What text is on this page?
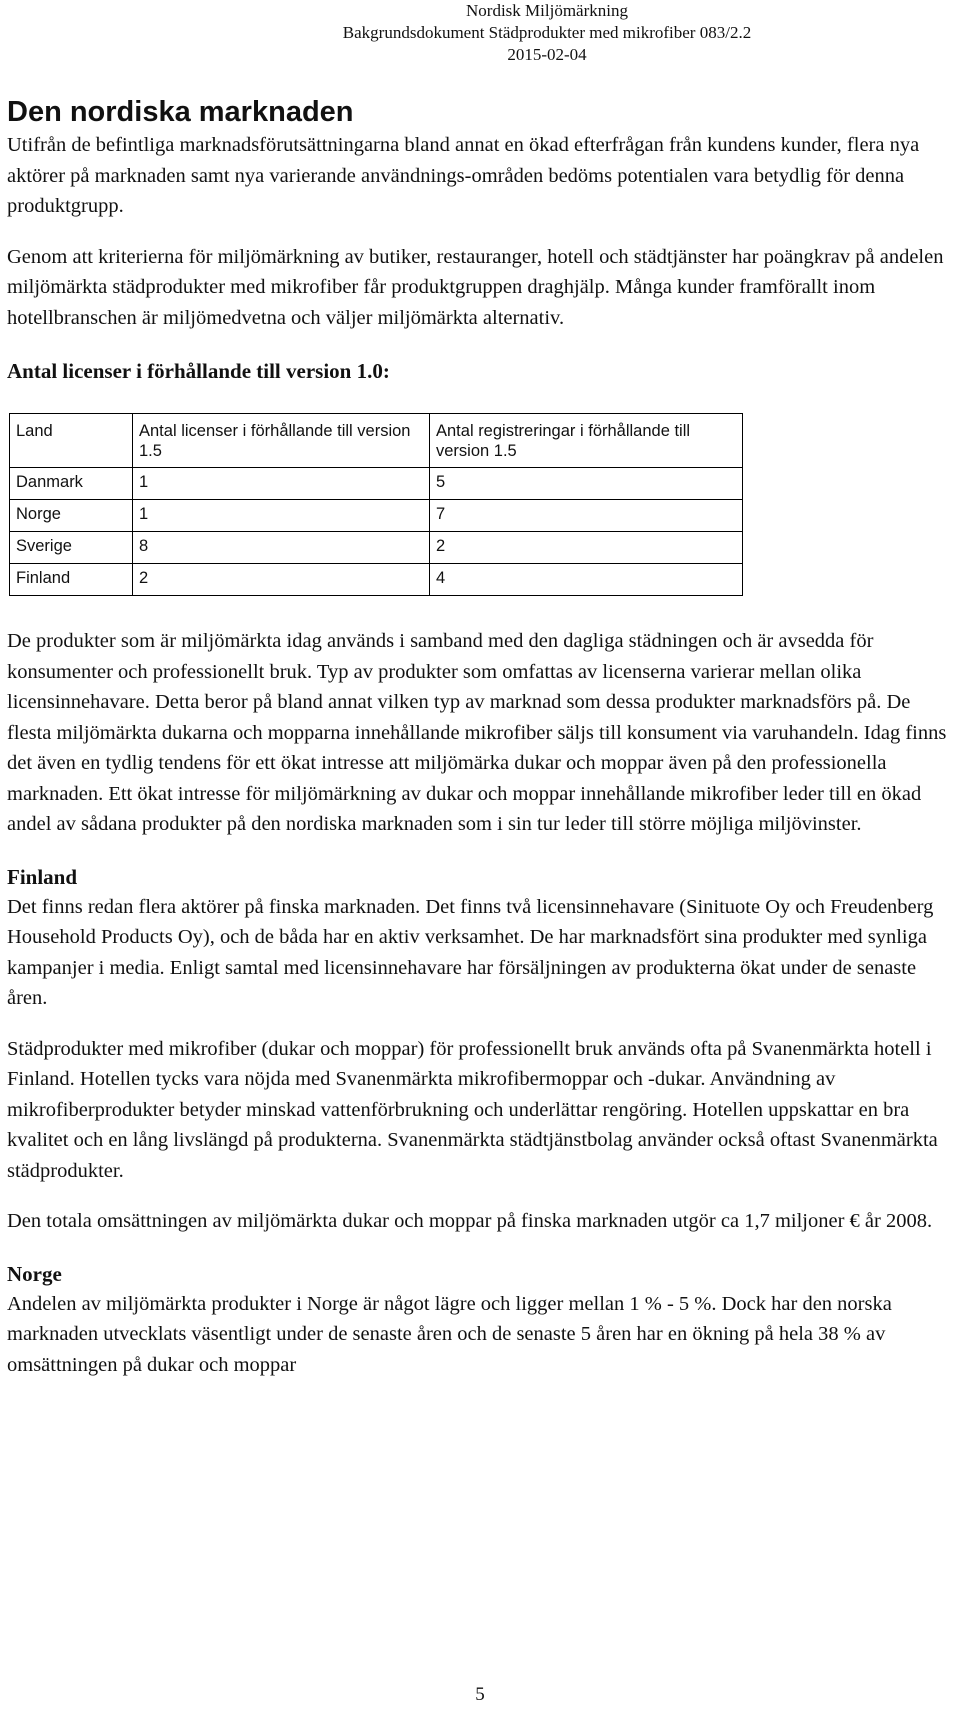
Nordisk Miljömärkning
Bakgrundsdokument Städprodukter med mikrofiber 083/2.2
2015-02-04
Den nordiska marknaden

Utifrån de befintliga marknadsförutsättningarna bland annat en ökad efterfrågan från kundens kunder, flera nya aktörer på marknaden samt nya varierande användnings-områden bedöms potentialen vara betydlig för denna produktgrupp.

Genom att kriterierna för miljömärkning av butiker, restauranger, hotell och städtjänster har poängkrav på andelen miljömärkta städprodukter med mikrofiber får produktgruppen draghjälp. Många kunder framförallt inom hotellbranschen är miljömedvetna och väljer miljömärkta alternativ.

Antal licenser i förhållande till version 1.0:
Land	Antal licenser i förhållande till version 1.5	Antal registreringar i förhållande till version 1.5
Danmark	1	5
Norge	1	7
Sverige	8	2
Finland	2	4

De produkter som är miljömärkta idag används i samband med den dagliga städningen och är avsedda för konsumenter och professionellt bruk. Typ av produkter som omfattas av licenserna varierar mellan olika licensinnehavare. Detta beror på bland annat vilken typ av marknad som dessa produkter marknadsförs på. De flesta miljömärkta dukarna och mopparna innehållande mikrofiber säljs till konsument via varuhandeln. Idag finns det även en tydlig tendens för ett ökat intresse att miljömärka dukar och moppar även på den professionella marknaden. Ett ökat intresse för miljömärkning av dukar och moppar innehållande mikrofiber leder till en ökad andel av sådana produkter på den nordiska marknaden som i sin tur leder till större möjliga miljövinster.

Finland

Det finns redan flera aktörer på finska marknaden. Det finns två licensinnehavare (Sinituote Oy och Freudenberg Household Products Oy), och de båda har en aktiv verksamhet. De har marknadsfört sina produkter med synliga kampanjer i media. Enligt samtal med licensinnehavare har försäljningen av produkterna ökat under de senaste åren.

Städprodukter med mikrofiber (dukar och moppar) för professionellt bruk används ofta på Svanenmärkta hotell i Finland. Hotellen tycks vara nöjda med Svanenmärkta mikrofibermoppar och -dukar. Användning av mikrofiberprodukter betyder minskad vattenförbrukning och underlättar rengöring. Hotellen uppskattar en bra kvalitet och en lång livslängd på produkterna. Svanenmärkta städtjänstbolag använder också oftast Svanenmärkta städprodukter.

Den totala omsättningen av miljömärkta dukar och moppar på finska marknaden utgör ca 1,7 miljoner € år 2008.

Norge

Andelen av miljömärkta produkter i Norge är något lägre och ligger mellan 1 % - 5 %. Dock har den norska marknaden utvecklats väsentligt under de senaste åren och de senaste 5 åren har en ökning på hela 38 % av omsättningen på dukar och moppar

5
